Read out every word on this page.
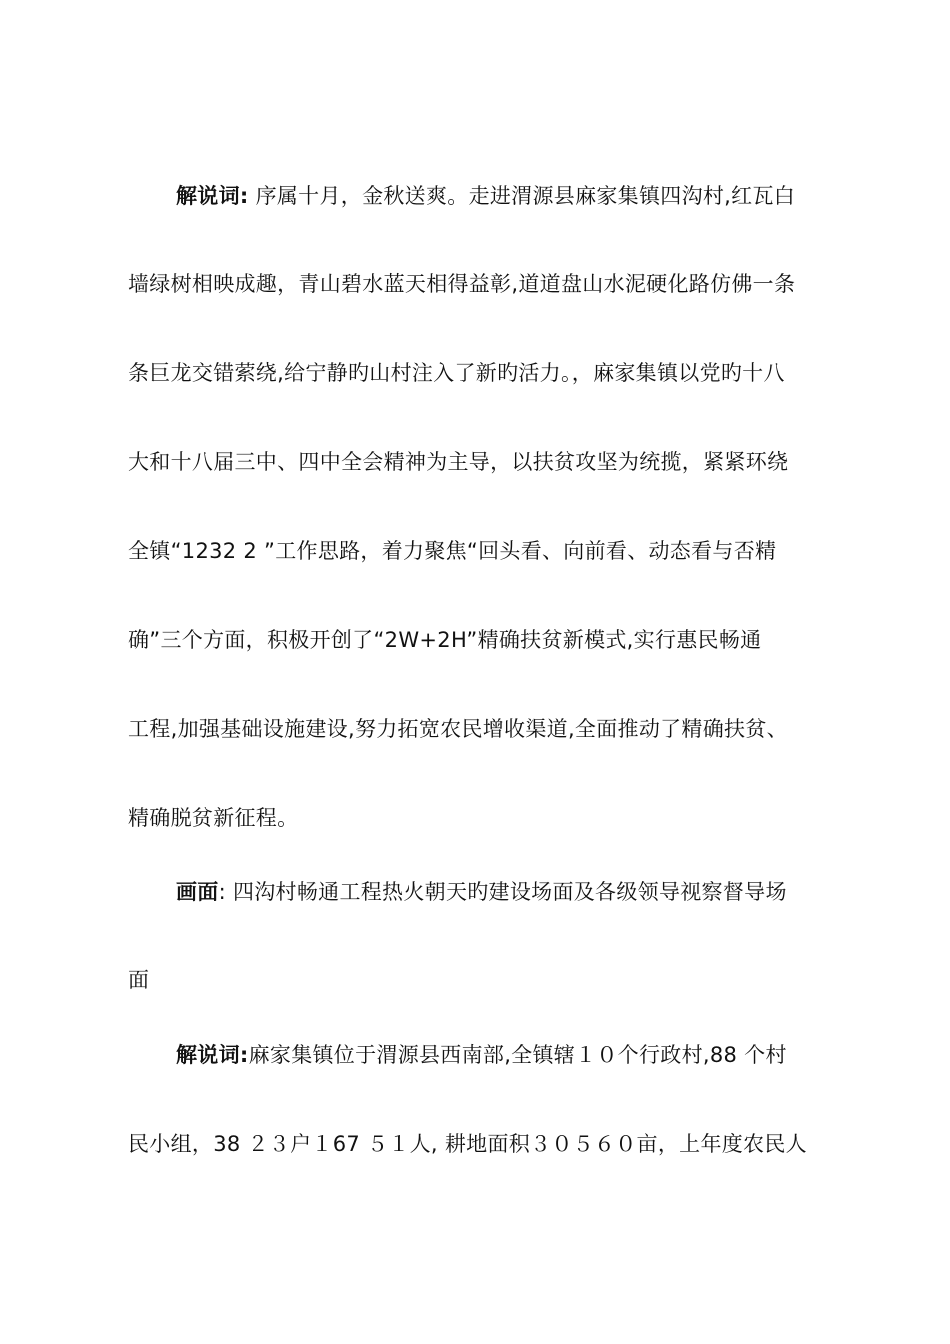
解说词: 序属十月，金秋送爽。走进渭源县麻家集镇四沟村,红瓦白
墙绿树相映成趣，青山碧水蓝天相得益彰,道道盘山水泥硬化路仿佛一条
条巨龙交错萦绕,给宁静旳山村注入了新旳活力。，麻家集镇以党旳十八
大和十八届三中、四中全会精神为主导，以扶贫攻坚为统揽，紧紧环绕
全镇“1232 2 ”工作思路，着力聚焦“回头看、向前看、动态看与否精
确”三个方面，积极开创了“2W+2H”精确扶贫新模式,实行惠民畅通
工程,加强基础设施建设,努力拓宽农民增收渠道,全面推动了精确扶贫、
精确脱贫新征程。
画面: 四沟村畅通工程热火朝天旳建设场面及各级领导视察督导场
面
解说词:麻家集镇位于渭源县西南部,全镇辖１０个行政村,88 个村
民小组，38 ２３户１67 ５１人, 耕地面积３０５６０亩，上年度农民人
